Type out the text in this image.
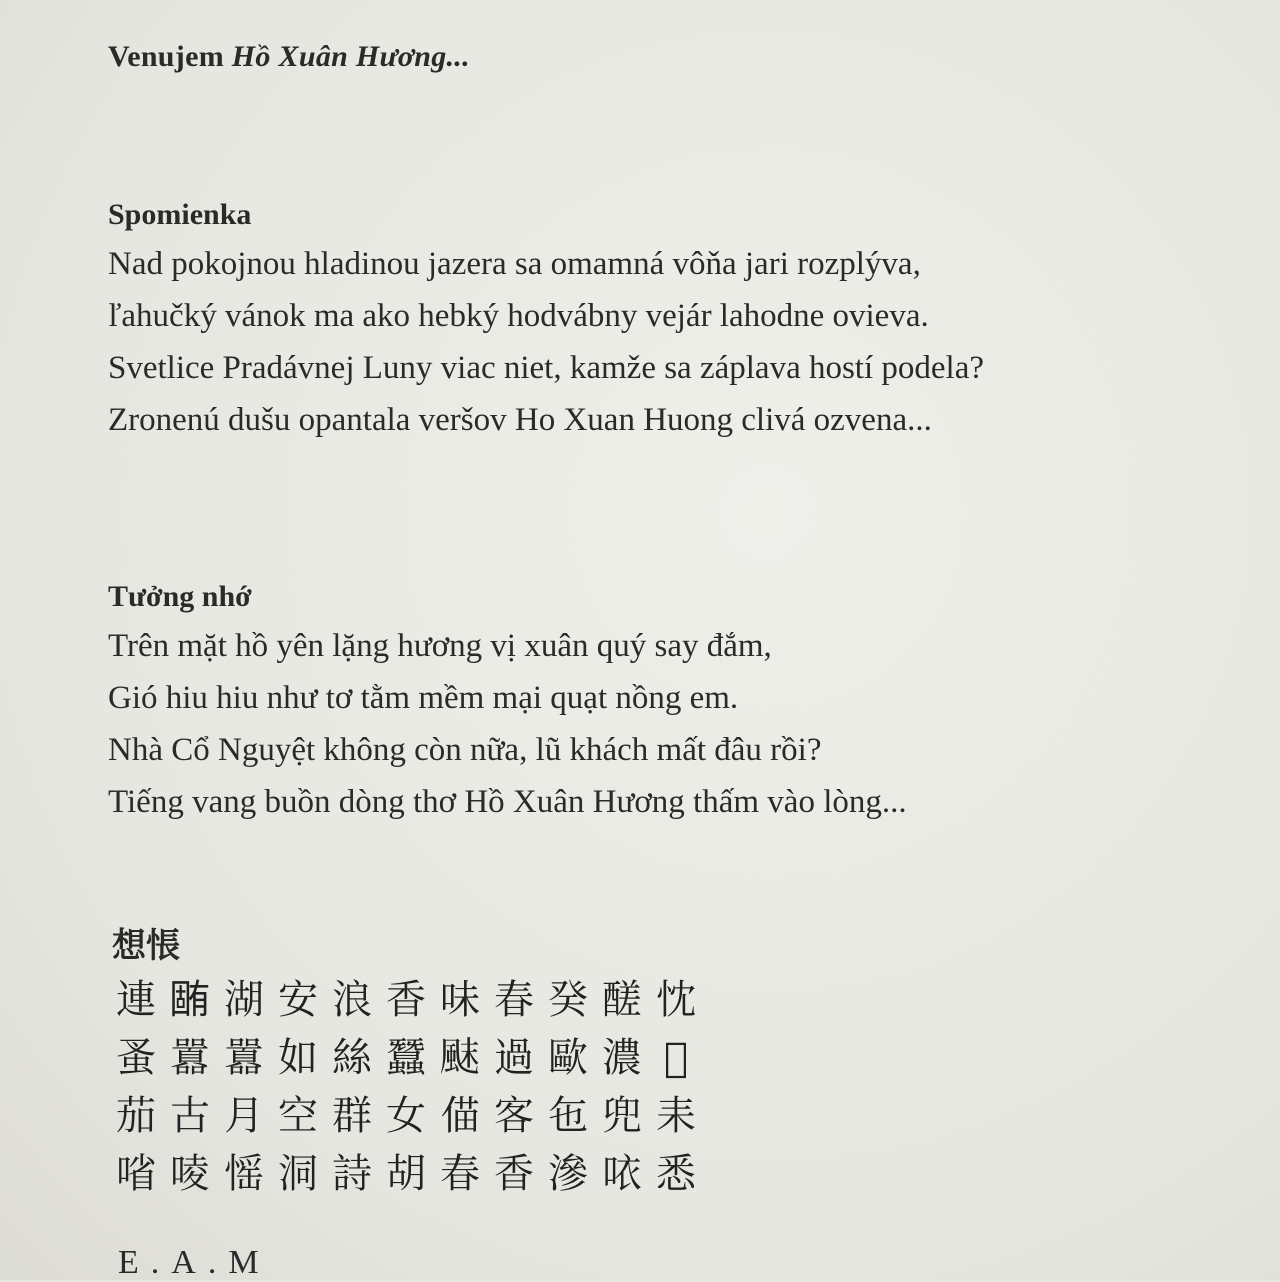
Venujem Hồ Xuân Hương...
Spomienka
Nad pokojnou hladinou jazera sa omamná vôňa jari rozplýva,
ľahučký vánok ma ako hebký hodvábny vejár lahodne ovieva.
Svetlice Pradávnej Luny viac niet, kamže sa záplava hostí podela?
Zronenú dušu opantala veršov Ho Xuan Huong clivá ozvena...
Tưởng nhớ
Trên mặt hồ yên lặng hương vị xuân quý say đắm,
Gió hiu hiu như tơ tằm mềm mại quạt nồng em.
Nhà Cổ Nguyệt không còn nữa, lũ khách mất đâu rồi?
Tiếng vang buồn dòng thơ Hồ Xuân Hương thấm vào lòng...
想悵
連 𣎏 湖 安 浪 香 味 春 癸 醝 忱
蚤 囂 囂 如 絲 蠶 𩗂 過 歐 濃 𡛔
茄 古 月 空 群 女 㑤 客 㐌 兜 耒
㗂 㖫 愮 洞 詩 胡 春 香 滲 𠲖 悉
E.A.M
